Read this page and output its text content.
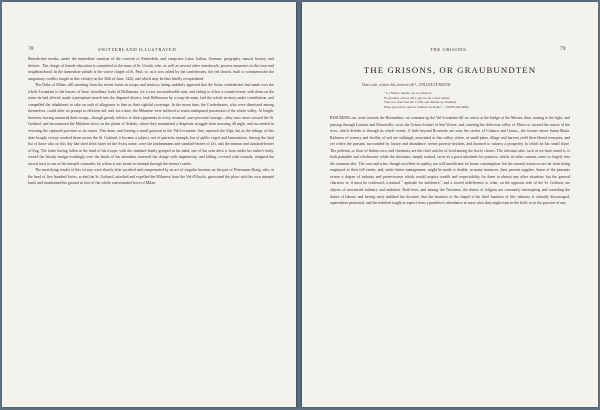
78	SWITZERLAND ILLUSTRATED.

Benedictine monks, under the immediate sanction of the convent of Einsiedeln, and comprises Latin, Italian, German, geography, natural history, and rhetoric. The charge of female education is committed to the nuns of St. Ursula, who, as well as several other sisterhoods, possess nunneries in the town and neighbourhood. In the immediate suburb is the votive chapel of St. Paul, or, as it was called by the confederates, the red church, built to commemorate the sanguinary conflict fought in this vicinity on the 30th of June, 1422, and which may be thus briefly recapitulated.

The Duke of Milan, still smarting from his recent losses in troops and territory, being suddenly apprised that the Swiss confederates had made over the whole Levantine to the barons of Saxe, hereditary lords of Bellinzona, for a very inconsiderable sum, and failing to effect a counter-treaty with them on the terms he had offered, made a precipitate march into the disputed district, took Bellinzona by a coup-de-main, laid the whole territory under contribution, and compelled the inhabitants to take an oath of allegiance to him as their rightful sovereign. In the mean time, the Confederates, who were dismissed among themselves, could offer no prompt or efficient aid, and, for a time, the Milanese were suffered to retain undisputed possession of the whole valley. At length, however, having mustered their troops—though greatly inferior to their opponents in every essential, save personal courage—they once more crossed the St. Gothard, and encountered the Milanese force on the plains of Arbedo, where they maintained a desperate struggle from morning till night, and succeeded in restoring the captured province to its owner. This done, and leaving a small garrison in the Val-Levantine, they repassed the Alps; but as the tidings of this dear-bought victory reached them across the St. Gothard, it became a subject, not of patriotic triumph, but of public regret and lamentation. Among the fatal list of those who on this day had shed fresh lustre on the Swiss name, were the landammann and standard-bearer of Uri, and the amman and standard-bearer of Zug. The latter having fallen at the head of his troops, with the standard firmly grasped in his hand, one of his sons drew it from under his father's body, waved the bloody ensign exultingly over the heads of his attendant, renewed the charge with impetuosity, and falling, covered with wounds, resigned the sacred trust to one of his intrepid comrades, by whom it was borne in triumph through the enemy's ranks.

The mortifying results of this victory were shortly after ascribed and compensated by an act of singular heroism on the part of Petermann Rysig, who, at the head of five hundred Swiss, scaled the St. Gothard, attacked and expelled the Milanese from the Val-d'Ossola, garrisoned the place with his own intrepid band, and maintained his ground in face of the whole concentrated force of Milan.

THE GRISONS.	79
THE GRISONS, OR GRAUBUNDTEN
Dans cette, et dans Sils, doivent-elle?—NOLLER LE BOEUR.
" Le Nature muette, en ces silences
En gradant, en bas d'ici, que les fer et des stileur.
Tout son front berceur s'offer aux dernier de l'homme
Elles que prince rencon l'entnier de Rome."—DUBLAIGNER.

RESUMING our route towards the Bernardino, we continue up the Val-Levantine till we arrive at the bridge of the Mesias; then, turning to the right, and passing through Lumino and Monticello, cross the Grison frontier at San Vittore, and, entering the delicious valley of Misocco, ascend the course of the river, which divides it through its whole extent. A little beyond Roveredo are seen the castles of Calanca and Grono—the former above Santa-Maria. Richness of scenery and fertility of soil are strikingly associated in this valley, where, at small pains, tillage and harvest yield their liberal treasures; and yet where the peasant, surrounded by luxury and abundance, seems poverty-stricken, and doomed to witness a prosperity in which he has small share. The pollenta, or flour of Indian corn, and chestnuts, are the chief articles of food among the lower classes. The chestnut cake, such as we have tasted it, is both palatable and wholesome; while the chestnuts, simply roasted, serve as a good substitute for potatoes, which, in other cantons, enter so largely into the common diet. The corn and wine, though excellent in quality, are still insufficient for home consumption; but the natural resources are far from being employed to their full extent, and, under better management, might be made to double, in many instances, their present supplies. Some of the peasants evince a degree of industry and perseverance which would acquire wealth and respectability for them in almost any other situation; but the general character is, it must be confessed, a natural " aptitude for indolence," and a rooted indifference to what, on the opposite side of the St. Gothard, are objects of unwearied industry and ambition. Both here, and among the Tessinese, the duties of religion are constantly interrupting and curtailing the duties of labour; and having early imbibed the doctrine, that the business of the chapel is the chief business of life, industry is virtually discouraged, superstition promoted, and the indolent taught to expect from a pontifice's attendance at mass what they might earn in the field, or in the practice of any
